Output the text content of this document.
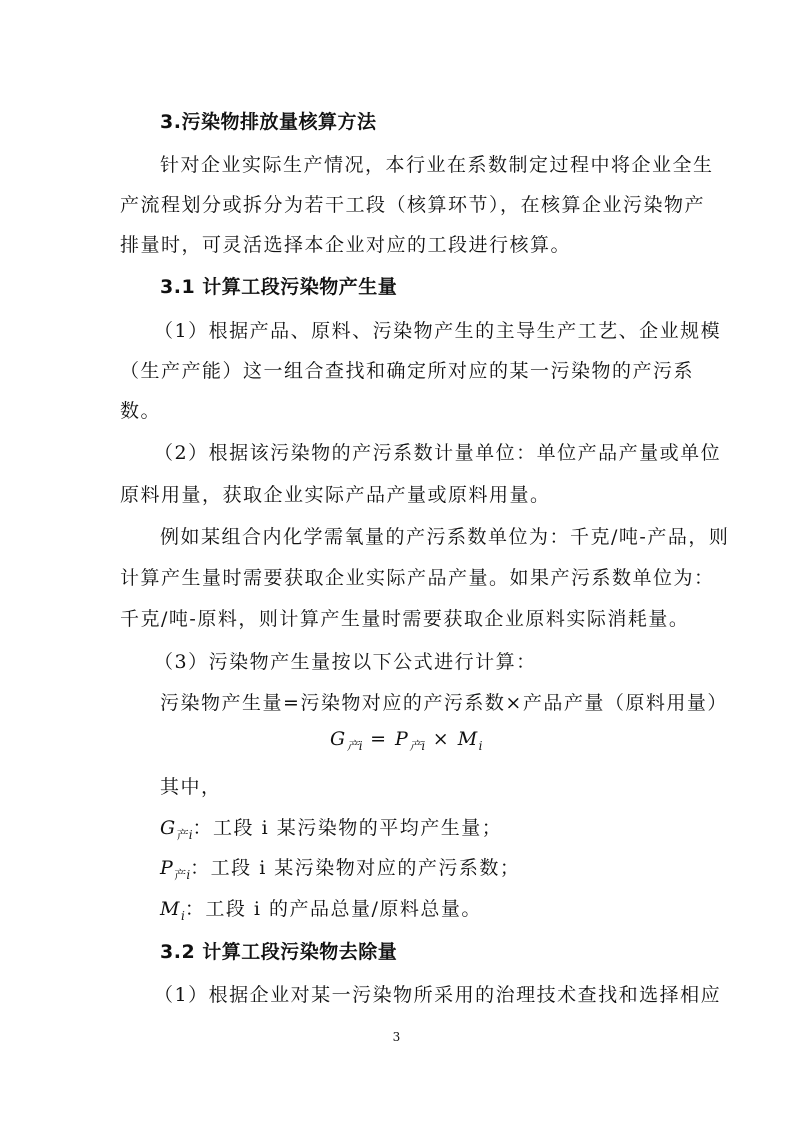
3.污染物排放量核算方法
针对企业实际生产情况，本行业在系数制定过程中将企业全生
产流程划分或拆分为若干工段（核算环节），在核算企业污染物产
排量时，可灵活选择本企业对应的工段进行核算。
3.1 计算工段污染物产生量
（1）根据产品、原料、污染物产生的主导生产工艺、企业规模
（生产产能）这一组合查找和确定所对应的某一污染物的产污系
数。
（2）根据该污染物的产污系数计量单位：单位产品产量或单位
原料用量，获取企业实际产品产量或原料用量。
例如某组合内化学需氧量的产污系数单位为：千克/吨-产品，则
计算产生量时需要获取企业实际产品产量。如果产污系数单位为：
千克/吨-原料，则计算产生量时需要获取企业原料实际消耗量。
（3）污染物产生量按以下公式进行计算：
污染物产生量=污染物对应的产污系数×产品产量（原料用量）
$G_{产i} = P_{产i} \times M_i$
其中，
$G_{产i}$：工段 i 某污染物的平均产生量；
$P_{产i}$：工段 i 某污染物对应的产污系数；
$M_i$：工段 i 的产品总量/原料总量。
3.2 计算工段污染物去除量
（1）根据企业对某一污染物所采用的治理技术查找和选择相应
3
